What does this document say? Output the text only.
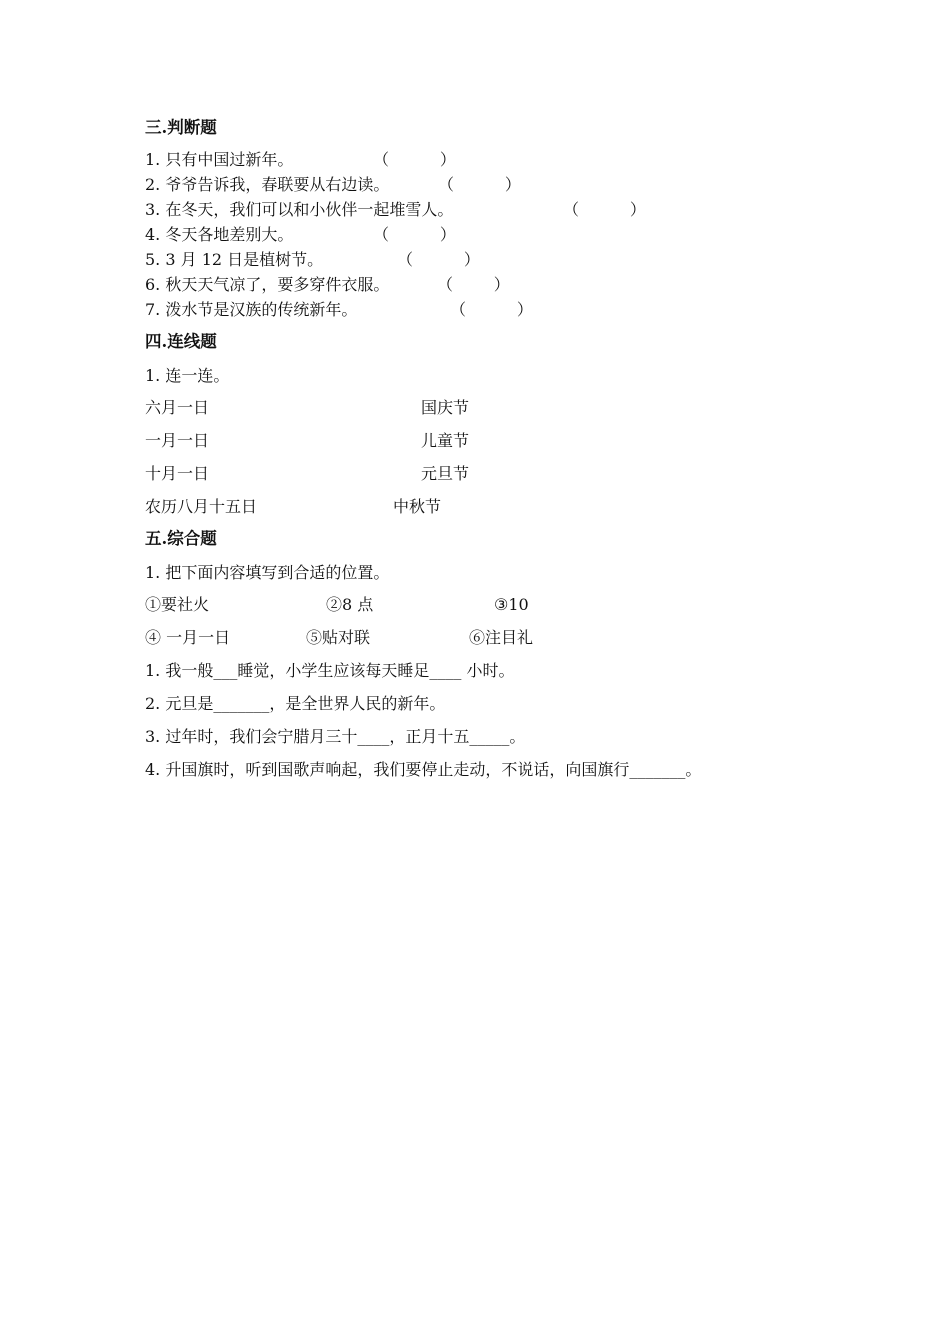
三.判断题
1. 只有中国过新年。	（          ）
2. 爷爷告诉我，春联要从右边读。	（          ）
3. 在冬天，我们可以和小伙伴一起堆雪人。	（          ）
4. 冬天各地差别大。	（          ）
5. 3 月 12 日是植树节。	（          ）
6. 秋天天气凉了，要多穿件衣服。	（        ）
7. 泼水节是汉族的传统新年。	（          ）
四.连线题
1. 连一连。
六月一日	国庆节
一月一日	儿童节
十月一日	元旦节
农历八月十五日	中秋节
五.综合题
1. 把下面内容填写到合适的位置。
①要社火	②8 点	③10
④ 一月一日	⑤贴对联	⑥注目礼
1. 我一般___睡觉，小学生应该每天睡足____ 小时。
2. 元旦是_______，是全世界人民的新年。
3. 过年时，我们会宁腊月三十____，正月十五_____。
4. 升国旗时，听到国歌声响起，我们要停止走动，不说话，向国旗行_______。
